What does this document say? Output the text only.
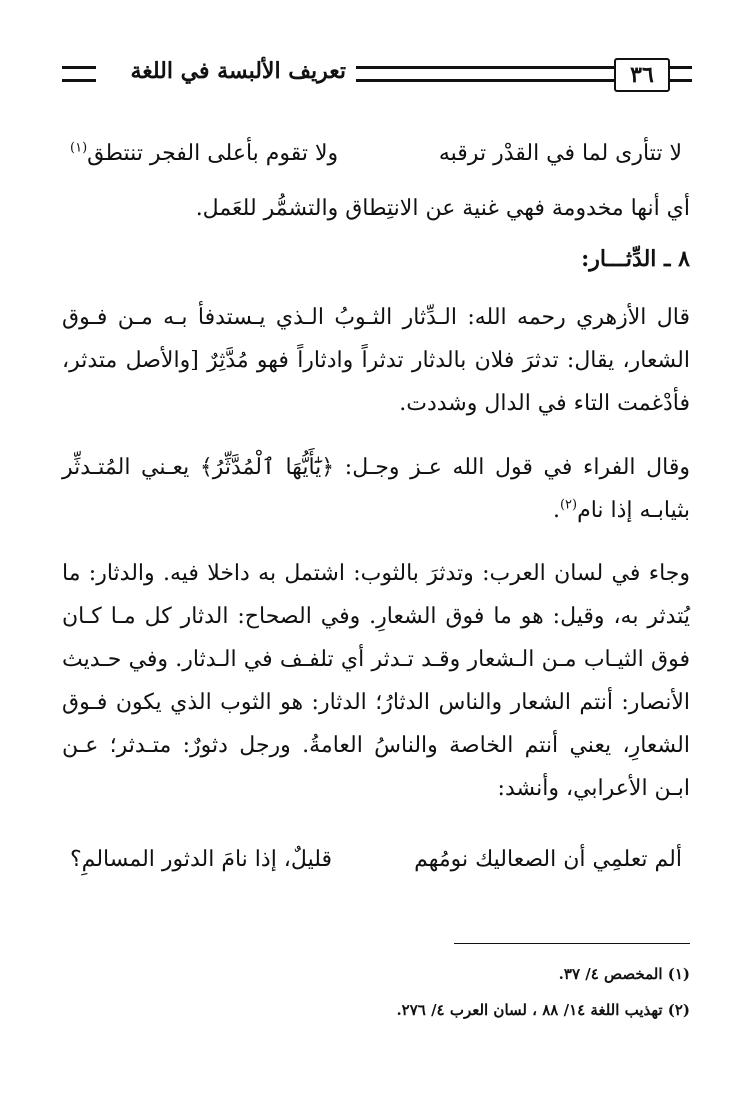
٣٦
تعريف الألبسة في اللغة
لا تتأرى لما في القدْر ترقبه
ولا تقوم بأعلى الفجر تنتطق$^{(١)}$
أي أنها مخدومة فهي غنية عن الانتِطاق والتشمُّر للعَمل.
٨ ـ الدِّثـــار:
قال الأزهري رحمه الله: الـدِّثار الثـوبُ الـذي يـستدفأ بـه مـن فـوق الشعار، يقال: تدثرَ فلان بالدثار تدثراً وادثاراً فهو مُدَّثِرٌ [والأصل متدثر، فأدْغمت التاء في الدال وشددت.
وقال الفراء في قول الله عـز وجـل: ﴿يَٰٓأَيُّهَا ٱلْمُدَّثِّرُ﴾ يعـني المُتـدثِّر بثيابـه إذا نام$^{(٢)}$.
وجاء في لسان العرب: وتدثرَ بالثوب: اشتمل به داخلا فيه. والدثار: ما يُتدثر به، وقيل: هو ما فوق الشعارِ. وفي الصحاح: الدثار كل مـا كـان فوق الثيـاب مـن الـشعار وقـد تـدثر أي تلفـف في الـدثار. وفي حـديث الأنصار: أنتم الشعار والناس الدثارُ؛ الدثار: هو الثوب الذي يكون فـوق الشعارِ، يعني أنتم الخاصة والناسُ العامةُ. ورجل دثورٌ: متـدثر؛ عـن ابـن الأعرابي، وأنشد:
ألم تعلمِي أن الصعاليك نومُهم
قليلٌ، إذا نامَ الدثور المسالمِ؟
(١) المخصص ٤/ ٣٧.
(٢) تهذيب اللغة ١٤/ ٨٨ ، لسان العرب ٤/ ٢٧٦.
